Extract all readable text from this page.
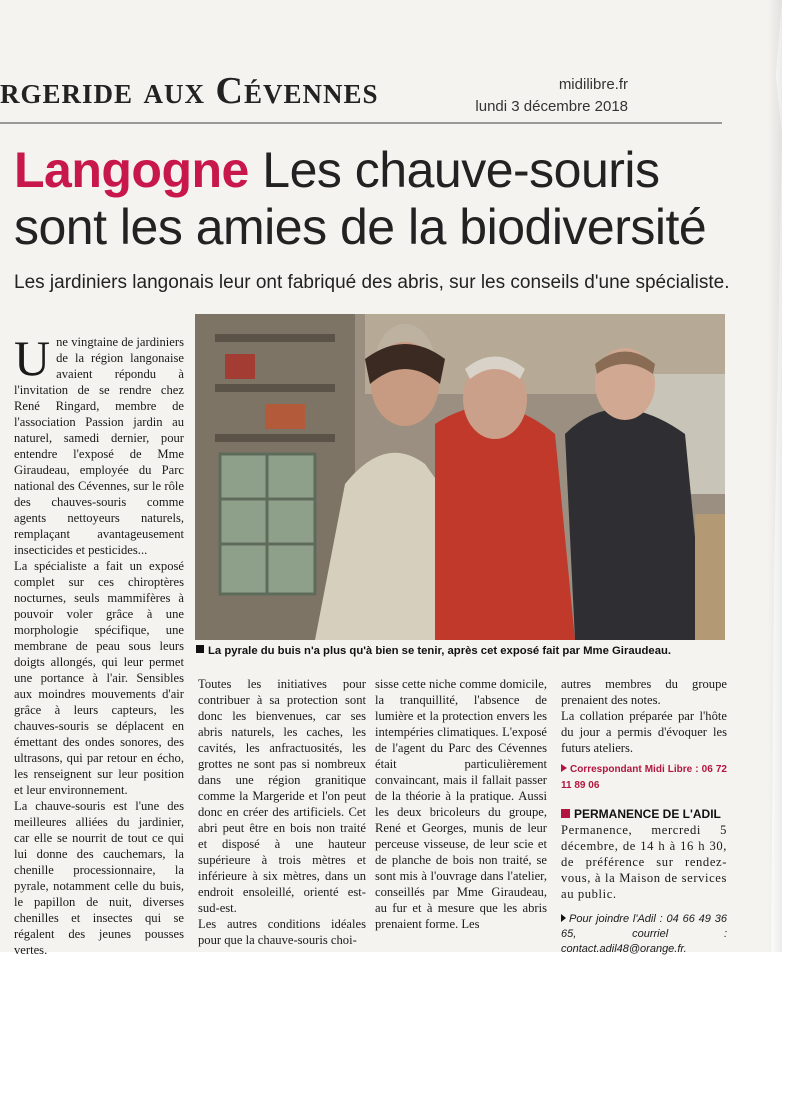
rgeride aux Cévennes	midilibre.fr
lundi 3 décembre 2018
Langogne Les chauve-souris
sont les amies de la biodiversité
Les jardiniers langonais leur ont fabriqué des abris, sur les conseils d'une spécialiste.
La pyrale du buis n'a plus qu'à bien se tenir, après cet exposé fait par Mme Giraudeau.
U ne vingtaine de jardiniers de la région langonaise avaient répondu à l'invitation de se rendre chez René Ringard, membre de l'association Passion jardin au naturel, samedi dernier, pour entendre l'exposé de Mme Giraudeau, employée du Parc national des Cévennes, sur le rôle des chauves-souris comme agents nettoyeurs naturels, remplaçant avantageusement insecticides et pesticides...

La spécialiste a fait un exposé complet sur ces chiroptères nocturnes, seuls mammifères à pouvoir voler grâce à une morphologie spécifique, une membrane de peau sous leurs doigts allongés, qui leur permet une portance à l'air. Sensibles aux moindres mouvements d'air grâce à leurs capteurs, les chauves-souris se déplacent en émettant des ondes sonores, des ultrasons, qui par retour en écho, les renseignent sur leur position et leur environnement.

La chauve-souris est l'une des meilleures alliées du jardinier, car elle se nourrit de tout ce qui lui donne des cauchemars, la chenille processionnaire, la pyrale, notamment celle du buis, le papillon de nuit, diverses chenilles et insectes qui se régalent des jeunes pousses vertes.

Toutes les initiatives pour contribuer à sa protection sont donc les bienvenues, car ses abris naturels, les caches, les cavités, les anfractuosités, les grottes ne sont pas si nombreux dans une région granitique comme la Margeride et l'on peut donc en créer des artificiels. Cet abri peut être en bois non traité et disposé à une hauteur supérieure à trois mètres et inférieure à six mètres, dans un endroit ensoleillé, orienté est-sud-est.

Les autres conditions idéales pour que la chauve-souris choi-

sisse cette niche comme domicile, la tranquillité, l'absence de lumière et la protection envers les intempéries climatiques. L'exposé de l'agent du Parc des Cévennes était particulièrement convaincant, mais il fallait passer de la théorie à la pratique. Aussi les deux bricoleurs du groupe, René et Georges, munis de leur perceuse visseuse, de leur scie et de planche de bois non traité, se sont mis à l'ouvrage dans l'atelier, conseillés par Mme Giraudeau, au fur et à mesure que les abris prenaient forme. Les

autres membres du groupe prenaient des notes.

La collation préparée par l'hôte du jour a permis d'évoquer les futurs ateliers.

Correspondant Midi Libre : 06 72 11 89 06
PERMANENCE DE L'ADIL

Permanence, mercredi 5 décembre, de 14 h à 16 h 30, de préférence sur rendez-vous, à la Maison de services au public.

Pour joindre l'Adil : 04 66 49 36 65, courriel : contact.adil48@orange.fr.
